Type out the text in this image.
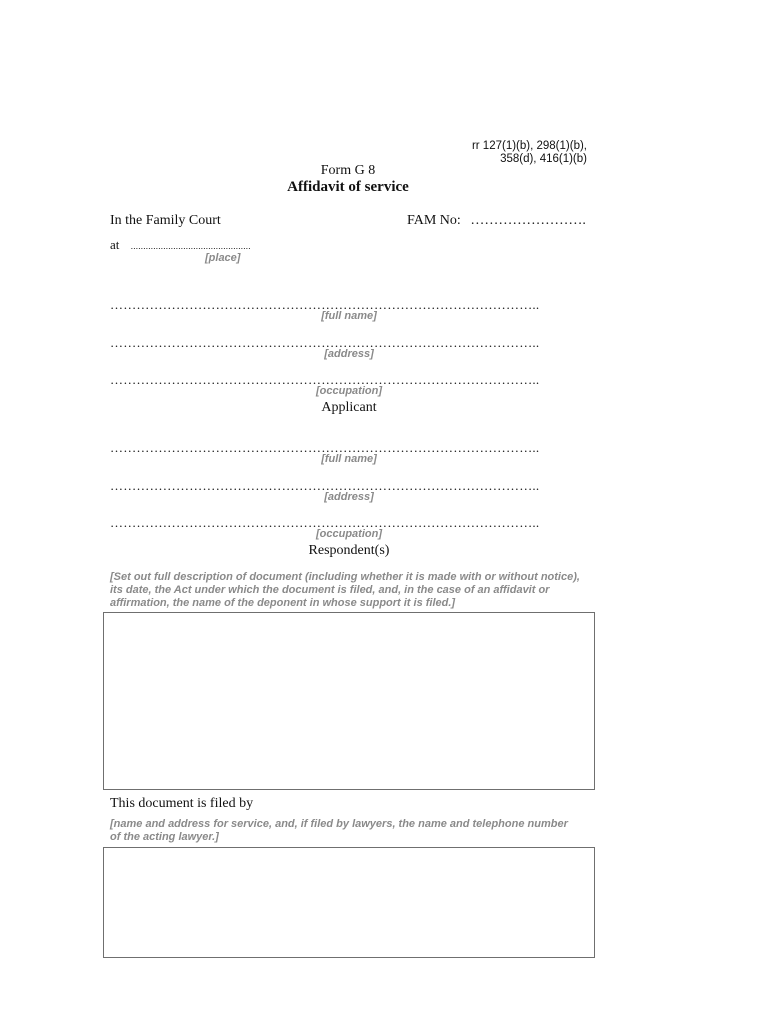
rr 127(1)(b), 298(1)(b),
358(d), 416(1)(b)
Form G 8
Affidavit of service
In the Family Court	FAM No: …………………….
at ................................................
[place]
……………………………………………………………………………………..
[full name]
……………………………………………………………………………………..
[address]
……………………………………………………………………………………..
[occupation]
Applicant
……………………………………………………………………………………..
[full name]
……………………………………………………………………………………..
[address]
……………………………………………………………………………………..
[occupation]
Respondent(s)
[Set out full description of document (including whether it is made with or without notice), its date, the Act under which the document is filed, and, in the case of an affidavit or affirmation, the name of the deponent in whose support it is filed.]
This document is filed by
[name and address for service, and, if filed by lawyers, the name and telephone number of the acting lawyer.]
